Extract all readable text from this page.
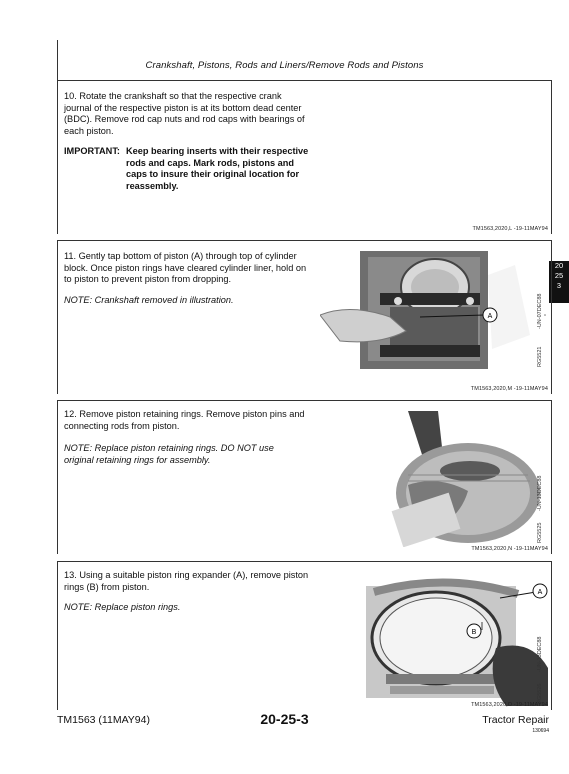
Crankshaft, Pistons, Rods and Liners/Remove Rods and Pistons
20
25
3
10. Rotate the crankshaft so that the respective crank journal of the respective piston is at its bottom dead center (BDC). Remove rod cap nuts and rod caps with bearings of each piston.
IMPORTANT: Keep bearing inserts with their respective rods and caps. Mark rods, pistons and caps to insure their original location for reassembly.
TM1563,2020,L -19-11MAY94
11. Gently tap bottom of piston (A) through top of cylinder block. Once piston rings have cleared cylinder liner, hold on to piston to prevent piston from dropping.
NOTE: Crankshaft removed in illustration.
A	-UN-07DEC88
RG5521
TM1563,2020,M -19-11MAY94
12. Remove piston retaining rings. Remove piston pins and connecting rods from piston.
NOTE: Replace piston retaining rings. DO NOT use original retaining rings for assembly.
-UN-13DEC88
RG5525
TM1563,2020,N -19-11MAY94
13. Using a suitable piston ring expander (A), remove piston rings (B) from piston.
NOTE: Replace piston rings.
A
B
-UN-13DEC88
RG5526
TM1563,2020,O -19-11MAY94
TM1563 (11MAY94)	20-25-3	Tractor Repair
130694
